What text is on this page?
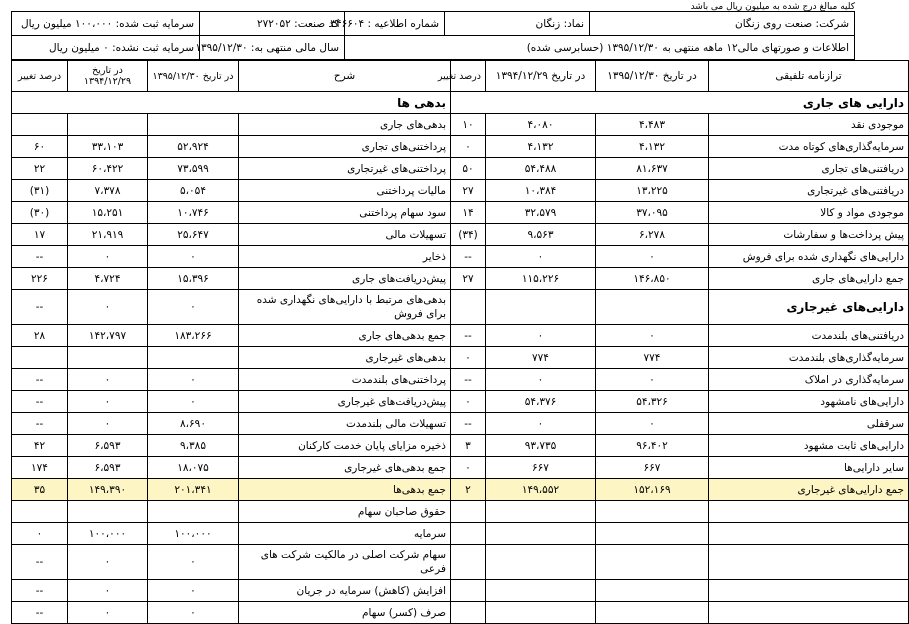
کلیه مبالغ درج شده به میلیون ریال می باشد
شرکت: صنعت روی زنگان	نماد: زنگان	شماره اطلاعیه : ۳۴۶۶۰۴	کد صنعت: ۲۷۲۰۵۲	سرمایه ثبت شده: ۱۰۰،۰۰۰ میلیون ریال
اطلاعات و صورتهای مالی۱۲ ماهه منتهی به ۱۳۹۵/۱۲/۳۰ (حسابرسی شده)			سال مالی منتهی به: ۱۳۹۵/۱۲/۳۰	سرمایه ثبت نشده: ۰ میلیون ریال
ترازنامه تلفیقی	در تاریخ ۱۳۹۵/۱۲/۳۰	در تاریخ ۱۳۹۴/۱۲/۲۹	درصد تغییر	شرح	در تاریخ ۱۳۹۵/۱۲/۳۰	در تاریخ ۱۳۹۴/۱۲/۲۹	درصد تغییر
دارایی های جاری				بدهی ها			
موجودی نقد	۴،۴۸۳	۴،۰۸۰	۱۰	بدهی‌های جاری			
سرمایه‌گذاری‌های کوتاه مدت	۴،۱۳۲	۴،۱۳۲	۰	پرداختنی‌های تجاری	۵۲،۹۲۴	۳۳،۱۰۳	۶۰
دریافتنی‌های تجاری	۸۱،۶۳۷	۵۴،۴۸۸	۵۰	پرداختنی‌های غیرتجاری	۷۳،۵۹۹	۶۰،۴۲۲	۲۲
دریافتنی‌های غیرتجاری	۱۳،۲۲۵	۱۰،۳۸۴	۲۷	مالیات پرداختنی	۵،۰۵۴	۷،۳۷۸	(۳۱)
موجودی مواد و کالا	۳۷،۰۹۵	۳۲،۵۷۹	۱۴	سود سهام پرداختنی	۱۰،۷۴۶	۱۵،۲۵۱	(۳۰)
پیش پرداخت‌ها و سفارشات	۶،۲۷۸	۹،۵۶۳	(۳۴)	تسهیلات مالی	۲۵،۶۴۷	۲۱،۹۱۹	۱۷
دارایی‌های نگهداری شده برای فروش	۰	۰	--	ذخایر	۰	۰	--
جمع دارایی‌های جاری	۱۴۶،۸۵۰	۱۱۵،۲۲۶	۲۷	پیش‌دریافت‌های جاری	۱۵،۳۹۶	۴،۷۲۴	۲۲۶
دارایی‌های غیرجاری				بدهی‌های مرتبط با دارایی‌های نگهداری شده برای فروش	۰	۰	--
دریافتنی‌های بلندمدت	۰	۰	--	جمع بدهی‌های جاری	۱۸۳،۲۶۶	۱۴۲،۷۹۷	۲۸
سرمایه‌گذاری‌های بلندمدت	۷۷۴	۷۷۴	۰	بدهی‌های غیرجاری			
سرمایه‌گذاری در املاک	۰	۰	--	پرداختنی‌های بلندمدت	۰	۰	--
دارایی‌های نامشهود	۵۴،۳۲۶	۵۴،۳۷۶	۰	پیش‌دریافت‌های غیرجاری	۰	۰	--
سرقفلی	۰	۰	--	تسهیلات مالی بلندمدت	۸،۶۹۰	۰	--
دارایی‌های ثابت مشهود	۹۶،۴۰۲	۹۳،۷۳۵	۳	ذخیره مزایای پایان خدمت کارکنان	۹،۳۸۵	۶،۵۹۳	۴۲
سایر دارایی‌ها	۶۶۷	۶۶۷	۰	جمع بدهی‌های غیرجاری	۱۸،۰۷۵	۶،۵۹۳	۱۷۴
جمع دارایی‌های غیرجاری	۱۵۲،۱۶۹	۱۴۹،۵۵۲	۲	جمع بدهی‌ها	۲۰۱،۳۴۱	۱۴۹،۳۹۰	۳۵
				حقوق صاحبان سهام			
				سرمایه	۱۰۰،۰۰۰	۱۰۰،۰۰۰	۰
				سهام شرکت اصلی در مالکیت شرکت های فرعی	۰	۰	--
				افزایش (کاهش) سرمایه در جریان	۰	۰	--
				صرف (کسر) سهام	۰	۰	--
